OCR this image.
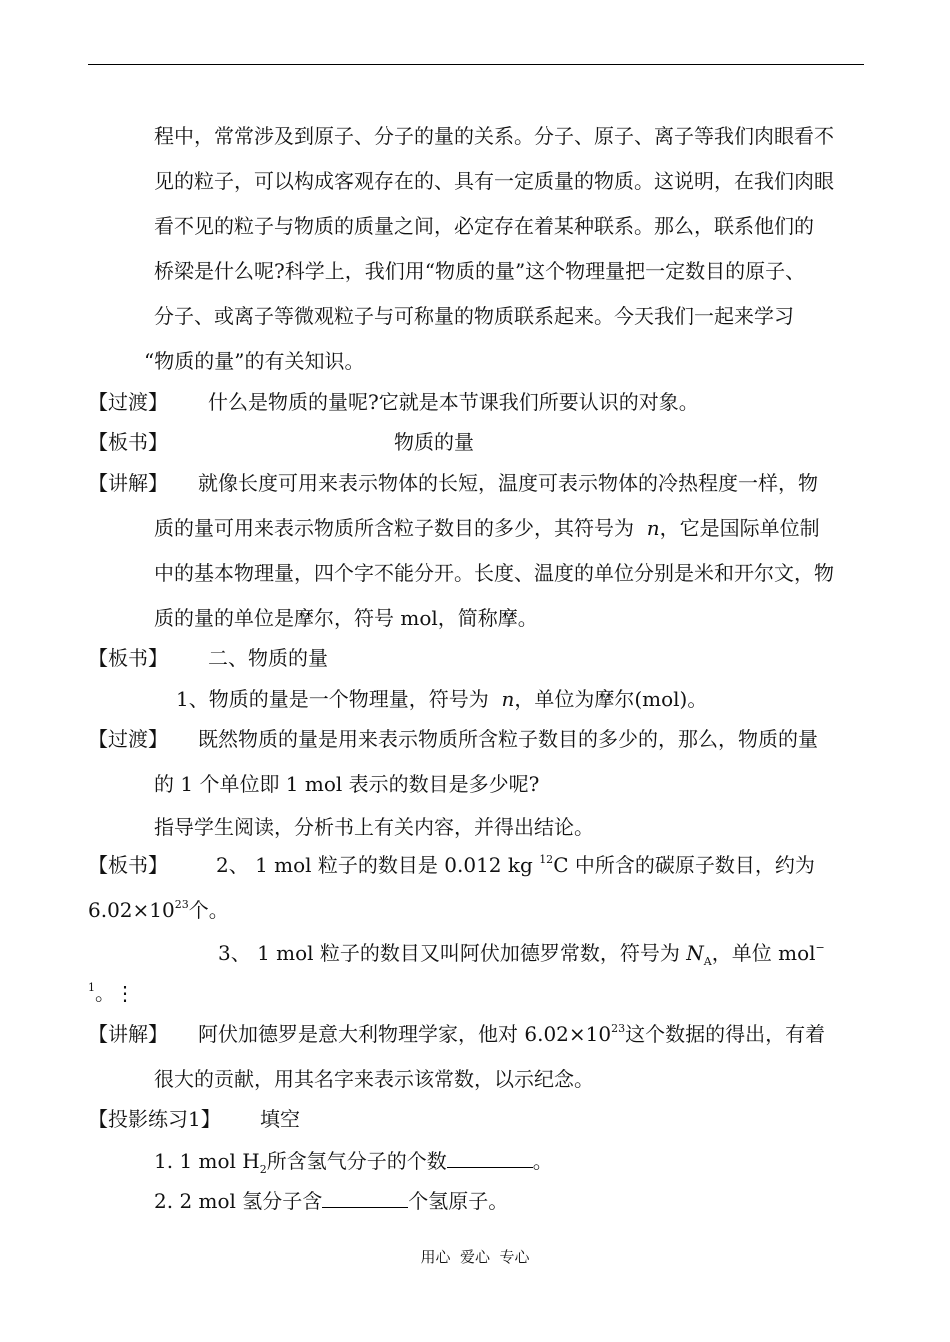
程中，常常涉及到原子、分子的量的关系。分子、原子、离子等我们肉眼看不
见的粒子，可以构成客观存在的、具有一定质量的物质。这说明，在我们肉眼
看不见的粒子与物质的质量之间，必定存在着某种联系。那么，联系他们的
桥梁是什么呢?科学上，我们用“物质的量”这个物理量把一定数目的原子、
分子、或离子等微观粒子与可称量的物质联系起来。今天我们一起来学习
“物质的量”的有关知识。
【过渡】 什么是物质的量呢?它就是本节课我们所要认识的对象。
【板书】	物质的量
【讲解】 就像长度可用来表示物体的长短，温度可表示物体的冷热程度一样，物
质的量可用来表示物质所含粒子数目的多少，其符号为 n，它是国际单位制
中的基本物理量，四个字不能分开。长度、温度的单位分别是米和开尔文，物
质的量的单位是摩尔，符号 mol，简称摩。
【板书】 二、物质的量
1、物质的量是一个物理量，符号为 n，单位为摩尔(mol)。
【过渡】 既然物质的量是用来表示物质所含粒子数目的多少的，那么，物质的量
的 1 个单位即 1 mol 表示的数目是多少呢?
指导学生阅读，分析书上有关内容，并得出结论。
【板书】 2、 1 mol 粒子的数目是 0.012 kg $^{12}$C 中所含的碳原子数目，约为
$6.02\times 10^{23}$个。
3、 1 mol 粒子的数目又叫阿伏加德罗常数，符号为 $N_A$，单位 mol−
$^1$。⋮
【讲解】 阿伏加德罗是意大利物理学家，他对 $6.02\times 10^{23}$这个数据的得出，有着
很大的贡献，用其名字来表示该常数，以示纪念。
【投影练习1】 填空
1. 1 mol $H_2$所含氢气分子的个数	。
2. 2 mol 氢分子含	个氢原子。
用心  爱心  专心
